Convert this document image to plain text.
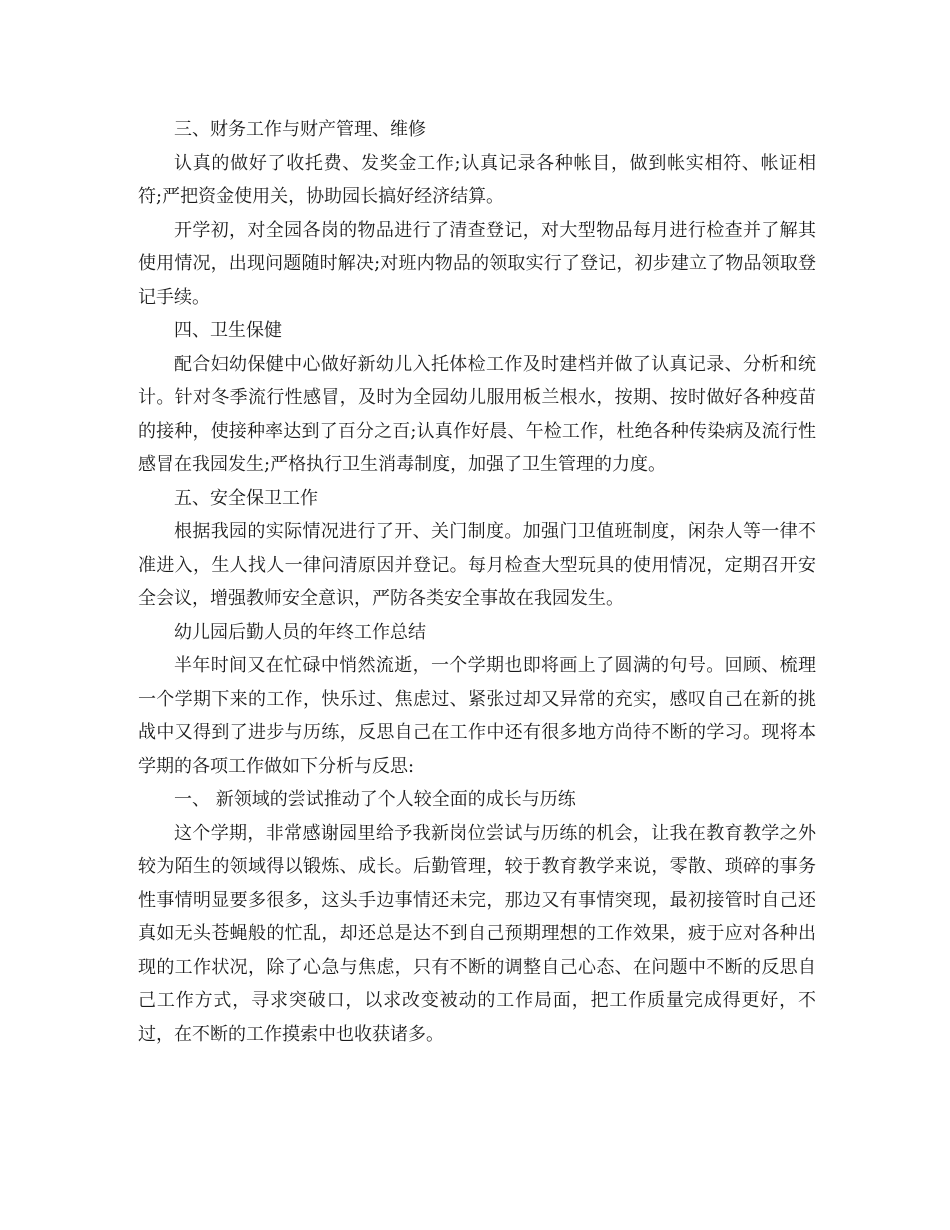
三、财务工作与财产管理、维修

认真的做好了收托费、发奖金工作;认真记录各种帐目，做到帐实相符、帐证相符;严把资金使用关，协助园长搞好经济结算。

开学初，对全园各岗的物品进行了清查登记，对大型物品每月进行检查并了解其使用情况，出现问题随时解决;对班内物品的领取实行了登记，初步建立了物品领取登记手续。

四、卫生保健

配合妇幼保健中心做好新幼儿入托体检工作及时建档并做了认真记录、分析和统计。针对冬季流行性感冒，及时为全园幼儿服用板兰根水，按期、按时做好各种疫苗的接种，使接种率达到了百分之百;认真作好晨、午检工作，杜绝各种传染病及流行性感冒在我园发生;严格执行卫生消毒制度，加强了卫生管理的力度。

五、安全保卫工作

根据我园的实际情况进行了开、关门制度。加强门卫值班制度，闲杂人等一律不准进入，生人找人一律问清原因并登记。每月检查大型玩具的使用情况，定期召开安全会议，增强教师安全意识，严防各类安全事故在我园发生。

幼儿园后勤人员的年终工作总结

半年时间又在忙碌中悄然流逝，一个学期也即将画上了圆满的句号。回顾、梳理一个学期下来的工作，快乐过、焦虑过、紧张过却又异常的充实，感叹自己在新的挑战中又得到了进步与历练，反思自己在工作中还有很多地方尚待不断的学习。现将本学期的各项工作做如下分析与反思:

一、 新领域的尝试推动了个人较全面的成长与历练

这个学期，非常感谢园里给予我新岗位尝试与历练的机会，让我在教育教学之外较为陌生的领域得以锻炼、成长。后勤管理，较于教育教学来说，零散、琐碎的事务性事情明显要多很多，这头手边事情还未完，那边又有事情突现，最初接管时自己还真如无头苍蝇般的忙乱，却还总是达不到自己预期理想的工作效果，疲于应对各种出现的工作状况，除了心急与焦虑，只有不断的调整自己心态、在问题中不断的反思自己工作方式，寻求突破口，以求改变被动的工作局面，把工作质量完成得更好，不过，在不断的工作摸索中也收获诸多。
